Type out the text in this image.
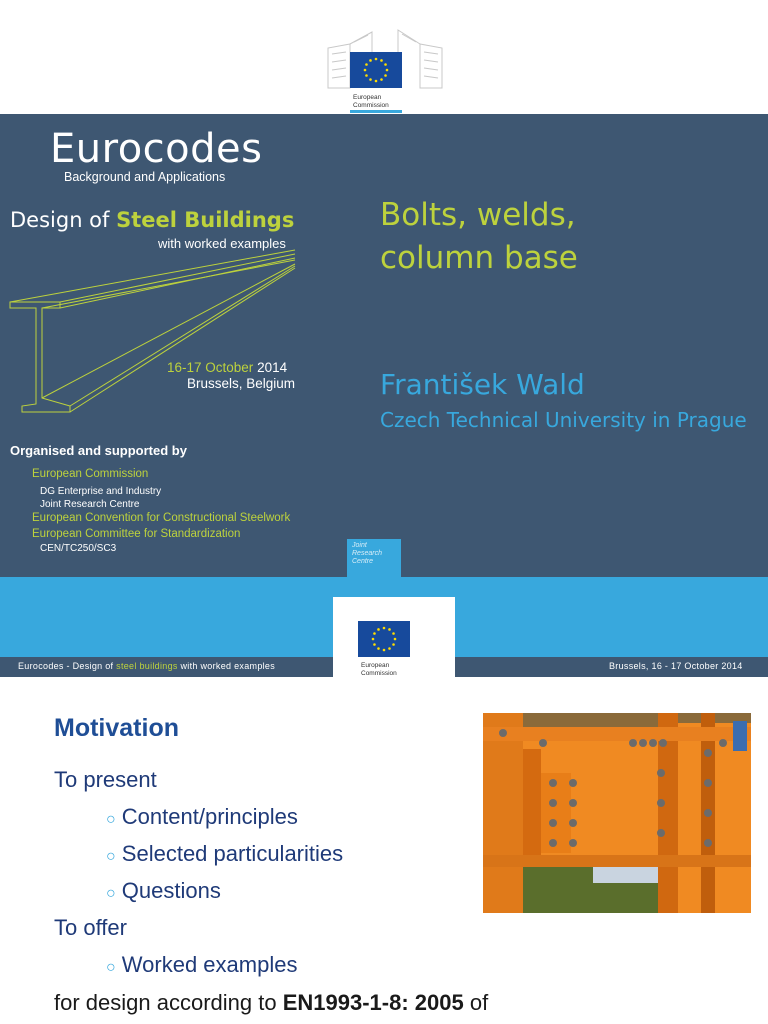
European
Commission
Eurocodes
Background and Applications
Design of Steel Buildings
with worked examples
16-17 October 2014
Brussels, Belgium
Organised and supported by
European Commission
DG Enterprise and Industry
Joint Research Centre
European Convention for Constructional Steelwork
European Committee for Standardization
CEN/TC250/SC3
Bolts, welds,
column base
František Wald
Czech Technical University in Prague
Joint
Research
Centre
European
Commission
Eurocodes - Design of steel buildings with worked examples	Brussels, 16 - 17 October 2014
Motivation
To present
○ Content/principles
○ Selected particularities
○ Questions
To offer
○ Worked examples
for design according to EN1993-1-8: 2005 of
